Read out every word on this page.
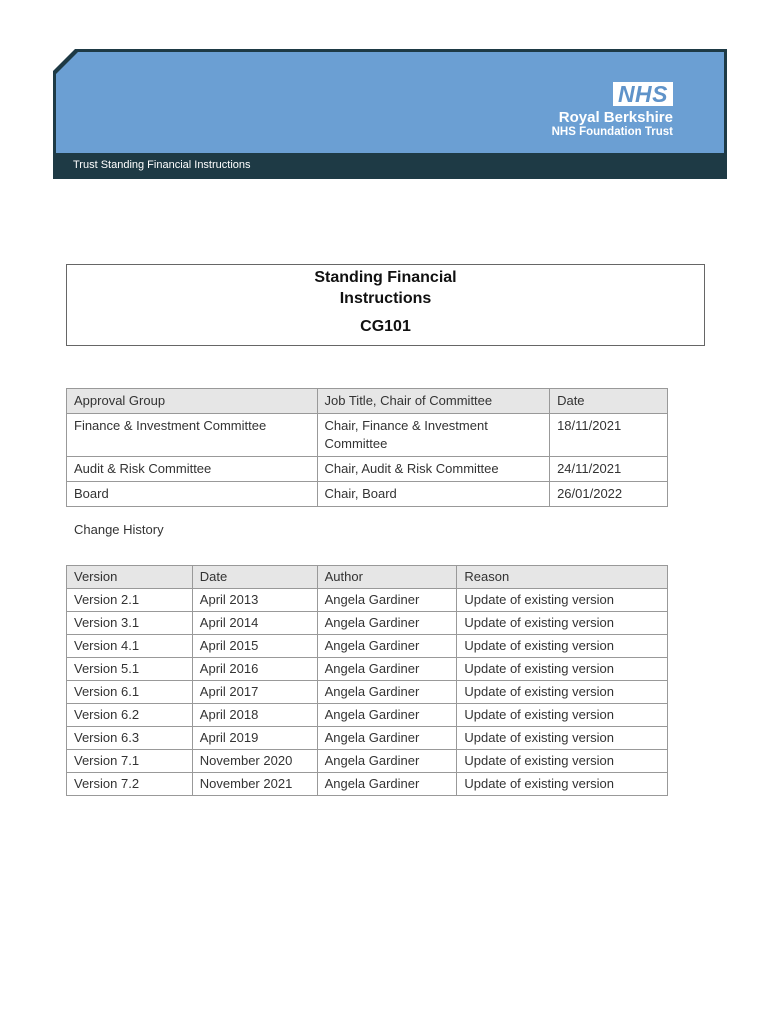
Trust Standing Financial Instructions
NHS
Royal Berkshire
NHS Foundation Trust
Standing Financial
Instructions
CG101
Approval Group	Job Title, Chair of Committee	Date
Finance & Investment Committee	Chair, Finance & Investment Committee	18/11/2021
Audit & Risk Committee	Chair, Audit & Risk Committee	24/11/2021
Board	Chair, Board	26/01/2022
Change History
Version	Date	Author	Reason
Version 2.1	April 2013	Angela Gardiner	Update of existing version
Version 3.1	April 2014	Angela Gardiner	Update of existing version
Version 4.1	April 2015	Angela Gardiner	Update of existing version
Version 5.1	April 2016	Angela Gardiner	Update of existing version
Version 6.1	April 2017	Angela Gardiner	Update of existing version
Version 6.2	April 2018	Angela Gardiner	Update of existing version
Version 6.3	April 2019	Angela Gardiner	Update of existing version
Version 7.1	November 2020	Angela Gardiner	Update of existing version
Version 7.2	November 2021	Angela Gardiner	Update of existing version
